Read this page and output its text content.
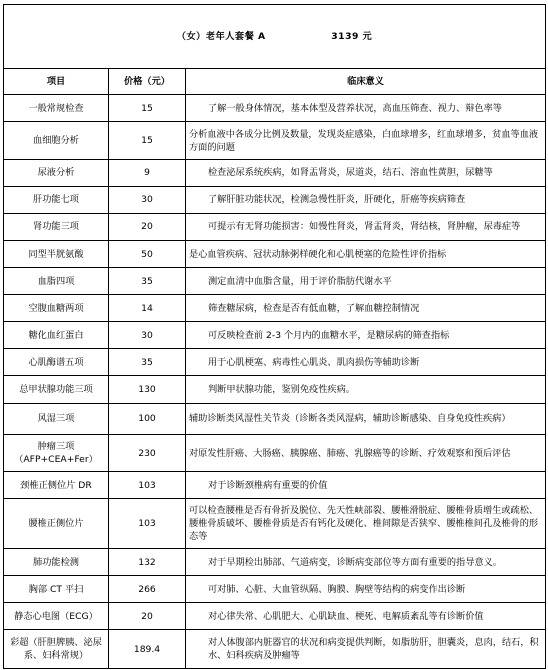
（女）老年人套餐 A 3139 元		
项目	价格（元）	临床意义
一般常规检查	15	了解一般身体情况，基本体型及营养状况，高血压筛查、视力、辩色率等
血细胞分析	15	分析血液中各成分比例及数量，发现炎症感染，白血球增多，红血球增多，贫血等血液方面的问题
尿液分析	9	检查泌尿系统疾病，如肾盂肾炎，尿道炎，结石、溶血性黄胆，尿糖等
肝功能七项	30	了解肝脏功能状况，检测急慢性肝炎，肝硬化，肝癌等疾病筛查
肾功能三项	20	可提示有无肾功能损害：如慢性肾炎，肾盂肾炎，肾结核，肾肿瘤，尿毒症等
同型半胱氨酸	50	是心血管疾病、冠状动脉粥样硬化和心肌梗塞的危险性评价指标
血脂四项	35	测定血清中血脂含量，用于评价脂肪代谢水平
空腹血糖两项	14	筛查糖尿病，检查是否有低血糖，了解血糖控制情况
糖化血红蛋白	30	可反映检查前 2-3 个月内的血糖水平，是糖尿病的筛查指标
心肌酶谱五项	35	用于心肌梗塞、病毒性心肌炎、肌肉损伤等辅助诊断
总甲状腺功能三项	130	判断甲状腺功能，鉴别免疫性疾病。
风湿三项	100	辅助诊断类风湿性关节炎（诊断各类风湿病，辅助诊断感染、自身免疫性疾病）
肿瘤三项
（AFP+CEA+Fer）	230	对原发性肝癌、大肠癌、胰腺癌、肺癌、乳腺癌等的诊断、疗效观察和预后评估
颈椎正侧位片 DR	103	对于诊断颈椎病有重要的价值
腰椎正侧位片	103	可以检查腰椎是否有骨折及脱位、先天性峡部裂、腰椎滑脱症、腰椎骨质增生或疏松、腰椎骨质破坏、腰椎骨质是否有钙化及硬化、椎间隙是否狭窄、腰椎椎间孔及椎骨的形态等
肺功能检测	132	对于早期检出肺部、气道病变，诊断病变部位等方面有重要的指导意义。
胸部 CT 平扫	266	可对肺、心脏、大血管纵隔、胸膜、胸壁等结构的病变作出诊断
静态心电图（ECG）	20	对心律失常、心肌肥大、心肌缺血、梗死、电解质紊乱等有诊断价值
彩超（肝胆脾胰、泌尿系、妇科常规）	189.4	对人体腹部内脏器官的状况和病变提供判断，如脂肪肝，胆囊炎，息肉，结石，积水、妇科疾病及肿瘤等
